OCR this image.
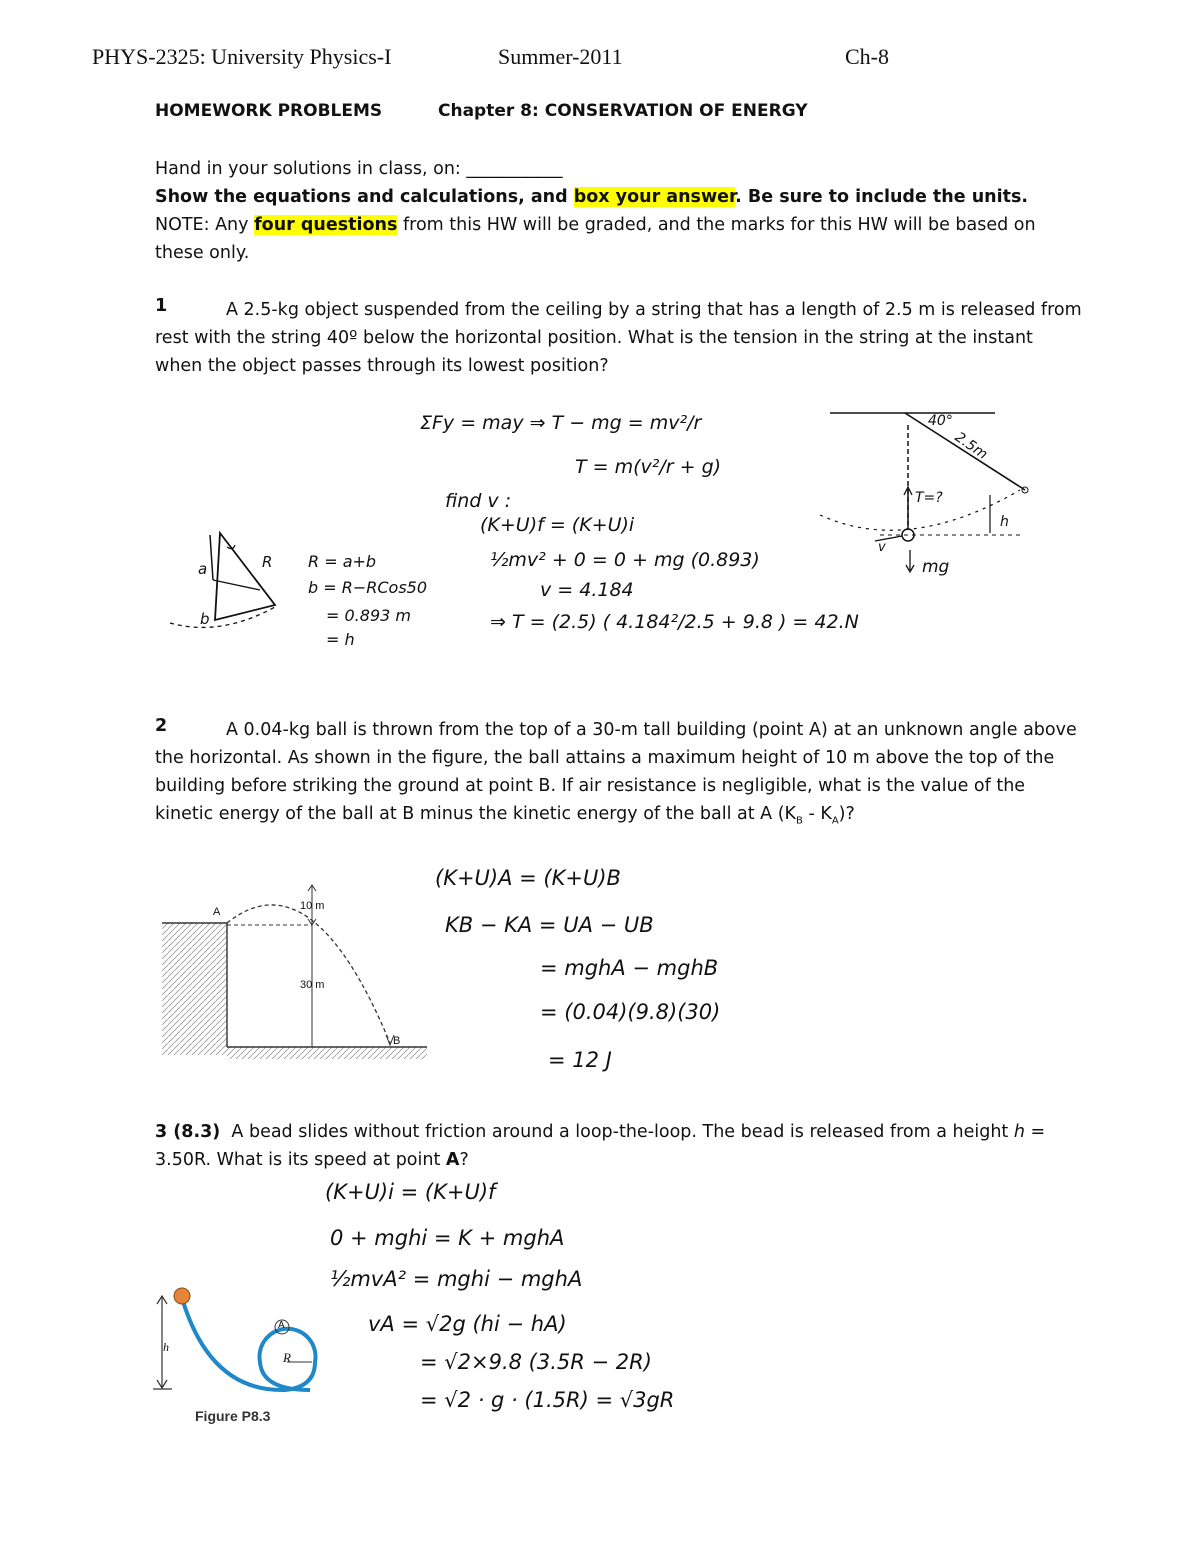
PHYS-2325: University Physics-I	Summer-2011	Ch-8
HOMEWORK PROBLEMS	Chapter 8: CONSERVATION OF ENERGY
Hand in your solutions in class, on: ___________
Show the equations and calculations, and box your answer. Be sure to include the units.
NOTE: Any four questions from this HW will be graded, and the marks for this HW will be based on these only.
1	A 2.5-kg object suspended from the ceiling by a string that has a length of 2.5 m is released from rest with the string 40º below the horizontal position. What is the tension in the string at the instant when the object passes through its lowest position?
ΣFy = may ⇒ T − mg = mv²/r
T = m(v²/r + g)
find v :
(K+U)f = (K+U)i
½mv² + 0 = 0 + mg (0.893)
v = 4.184
⇒ T = (2.5) ( 4.184²/2.5 + 9.8 ) = 42.N
R = a+b
b = R−RCos50
= 0.893 m
= h
a
b
R
40°
2.5m
T=?
h
v
mg
2	A 0.04-kg ball is thrown from the top of a 30-m tall building (point A) at an unknown angle above the horizontal. As shown in the figure, the ball attains a maximum height of 10 m above the top of the building before striking the ground at point B. If air resistance is negligible, what is the value of the kinetic energy of the ball at B minus the kinetic energy of the ball at A $(K_B - K_A)$?
A
B
10 m
30 m
(K+U)A = (K+U)B
KB − KA = UA − UB
= mghA − mghB
= (0.04)(9.8)(30)
= 12 J
3 (8.3) A bead slides without friction around a loop-the-loop. The bead is released from a height h = 3.50R. What is its speed at point A?
(K+U)i = (K+U)f
0 + mghi = K + mghA
½mvA² = mghi − mghA
vA = √2g (hi − hA)
= √2×9.8 (3.5R − 2R)
= √2 · g · (1.5R) = √3gR
A
R
h
Figure P8.3
